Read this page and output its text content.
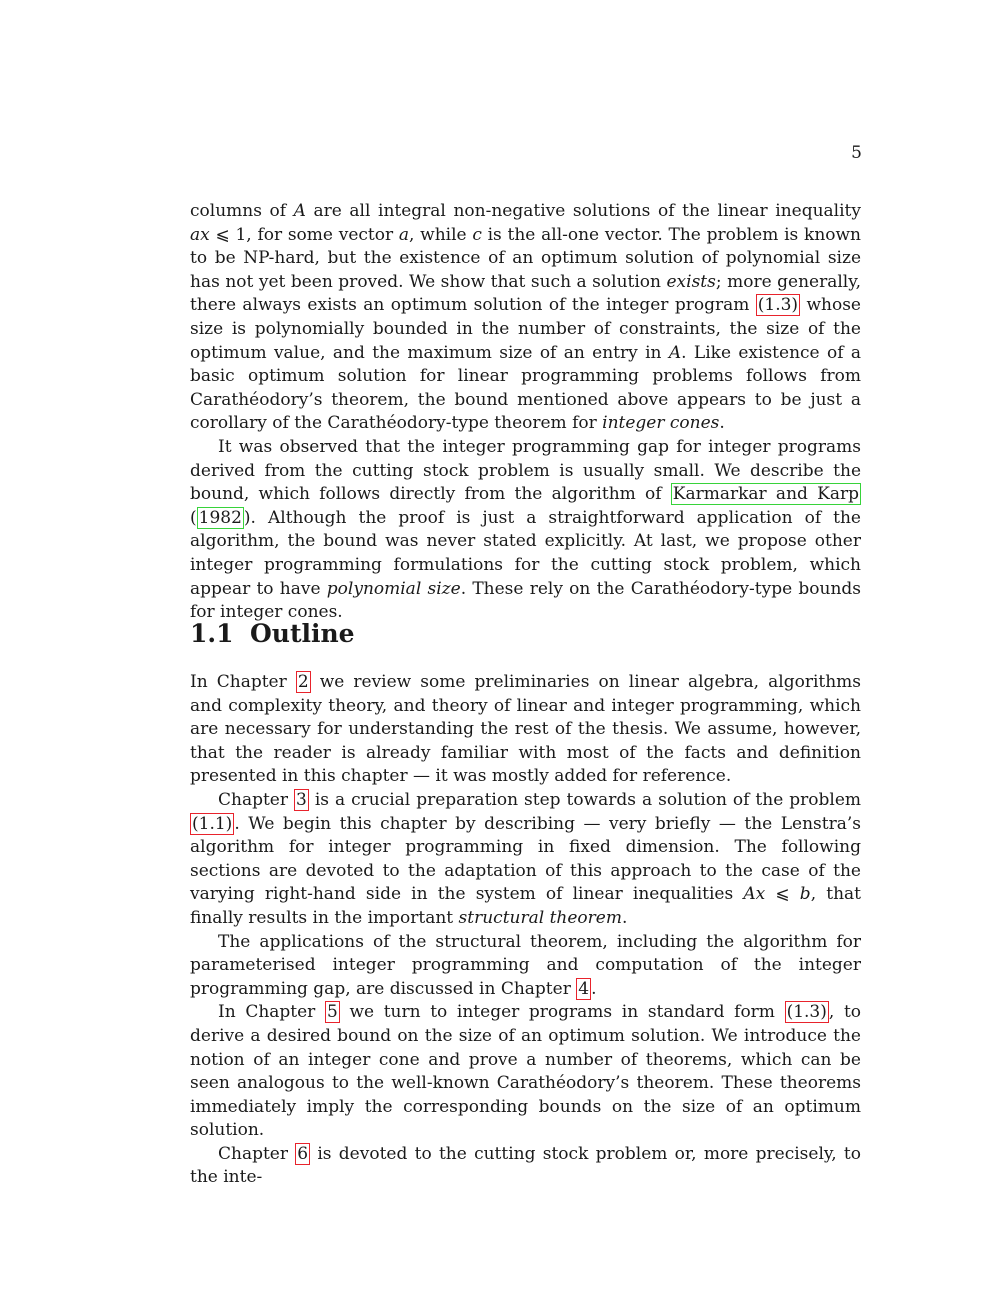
5

columns of A are all integral non-negative solutions of the linear inequality ax ⩽ 1, for some vector a, while c is the all-one vector. The problem is known to be NP-hard, but the existence of an optimum solution of polynomial size has not yet been proved. We show that such a solution exists; more generally, there always exists an optimum solution of the integer program (1.3) whose size is polynomially bounded in the number of constraints, the size of the optimum value, and the maximum size of an entry in A. Like existence of a basic optimum solution for linear programming problems follows from Carathéodory’s theorem, the bound mentioned above appears to be just a corollary of the Carathéodory-type theorem for integer cones.

It was observed that the integer programming gap for integer programs derived from the cutting stock problem is usually small. We describe the bound, which follows directly from the algorithm of Karmarkar and Karp ( 1982 ). Although the proof is just a straightforward application of the algorithm, the bound was never stated explicitly. At last, we propose other integer programming formulations for the cutting stock problem, which appear to have polynomial size. These rely on the Carathéodory-type bounds for integer cones.

1.1 Outline

In Chapter 2 we review some preliminaries on linear algebra, algorithms and complexity theory, and theory of linear and integer programming, which are necessary for understanding the rest of the thesis. We assume, however, that the reader is already familiar with most of the facts and definition presented in this chapter — it was mostly added for reference.

Chapter 3 is a crucial preparation step towards a solution of the problem (1.1) . We begin this chapter by describing — very briefly — the Lenstra’s algorithm for integer programming in fixed dimension. The following sections are devoted to the adaptation of this approach to the case of the varying right-hand side in the system of linear inequalities Ax ⩽ b, that finally results in the important structural theorem.

The applications of the structural theorem, including the algorithm for parameterised integer programming and computation of the integer programming gap, are discussed in Chapter 4 .

In Chapter 5 we turn to integer programs in standard form (1.3) , to derive a desired bound on the size of an optimum solution. We introduce the notion of an integer cone and prove a number of theorems, which can be seen analogous to the well-known Carathéodory’s theorem. These theorems immediately imply the corresponding bounds on the size of an optimum solution.

Chapter 6 is devoted to the cutting stock problem or, more precisely, to the inte-
